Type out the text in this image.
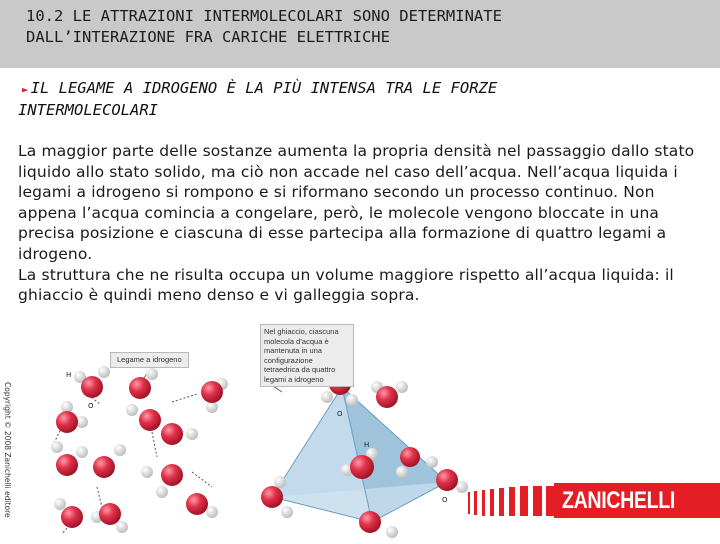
10.2 LE ATTRAZIONI INTERMOLECOLARI SONO DETERMINATE
DALL’INTERAZIONE FRA CARICHE ELETTRICHE
► IL LEGAME A IDROGENO È LA PIÙ INTENSA TRA LE FORZE
INTERMOLECOLARI

La maggior parte delle sostanze aumenta la propria densità nel passaggio dallo stato liquido allo stato solido, ma ciò non accade nel caso dell’acqua. Nell’acqua liquida i legami a idrogeno si rompono e si riformano secondo un processo continuo. Non appena l’acqua comincia a congelare, però, le molecole vengono bloccate in una precisa posizione e ciascuna di esse partecipa alla formazione di quattro legami a idrogeno.

La struttura che ne risulta occupa un volume maggiore rispetto all’acqua liquida: il ghiaccio è quindi meno denso e vi galleggia sopra.

Copyright © 2008 Zanichelli editore
H
O
O
H
O
Legame a idrogeno
Nel ghiaccio, ciascuna
molecola d’acqua è
mantenuta in una
configurazione
tetraedrica da quattro
legami a idrogeno
ZANICHELLI
